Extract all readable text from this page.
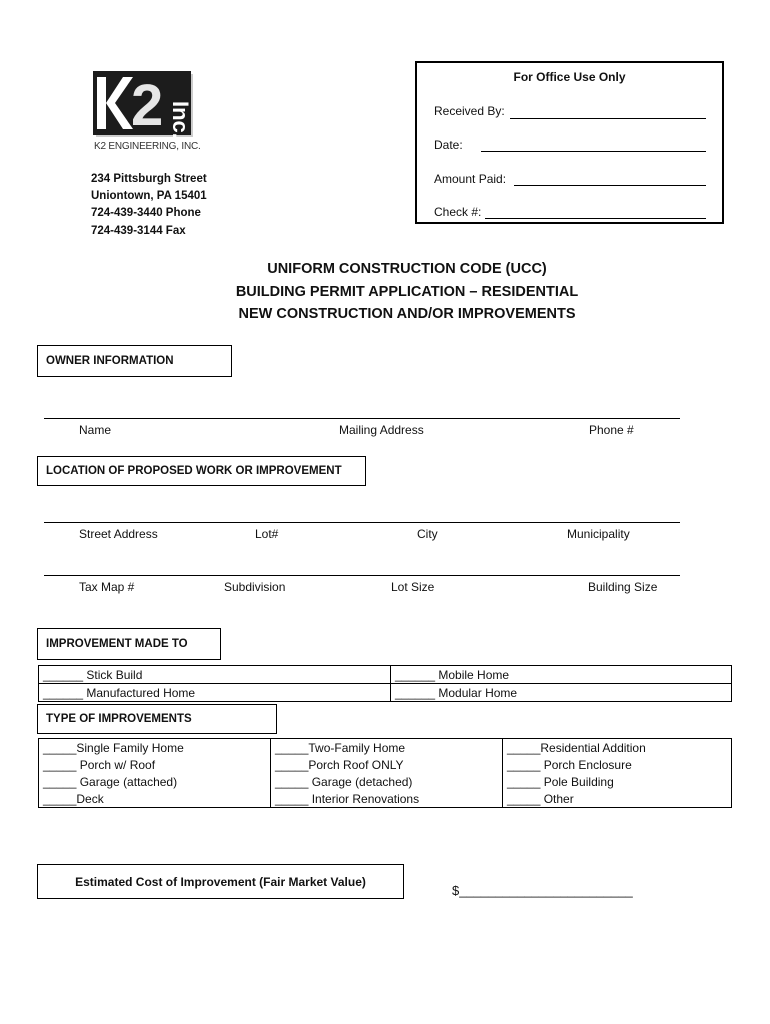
2 Inc.
K2 ENGINEERING, INC.
234 Pittsburgh Street
Uniontown, PA 15401
724-439-3440 Phone
724-439-3144 Fax
For Office Use Only
Received By:
Date:
Amount Paid:
Check #:
UNIFORM CONSTRUCTION CODE (UCC)
BUILDING PERMIT APPLICATION – RESIDENTIAL
NEW CONSTRUCTION AND/OR IMPROVEMENTS
OWNER INFORMATION
Name	Mailing Address	Phone #
LOCATION OF PROPOSED WORK OR IMPROVEMENT
Street Address	Lot#	City	Municipality
Tax Map #	Subdivision	Lot Size	Building Size
IMPROVEMENT MADE TO
______ Stick Build	______ Mobile Home
______ Manufactured Home	______ Modular Home
TYPE OF IMPROVEMENTS
_____Single Family Home	_____Two-Family Home	_____Residential Addition
_____ Porch w/ Roof	_____Porch Roof ONLY	_____ Porch Enclosure
_____ Garage (attached)	_____ Garage (detached)	_____ Pole Building
_____Deck	_____ Interior Renovations	_____ Other
Estimated Cost of Improvement (Fair Market Value)
$________________________
